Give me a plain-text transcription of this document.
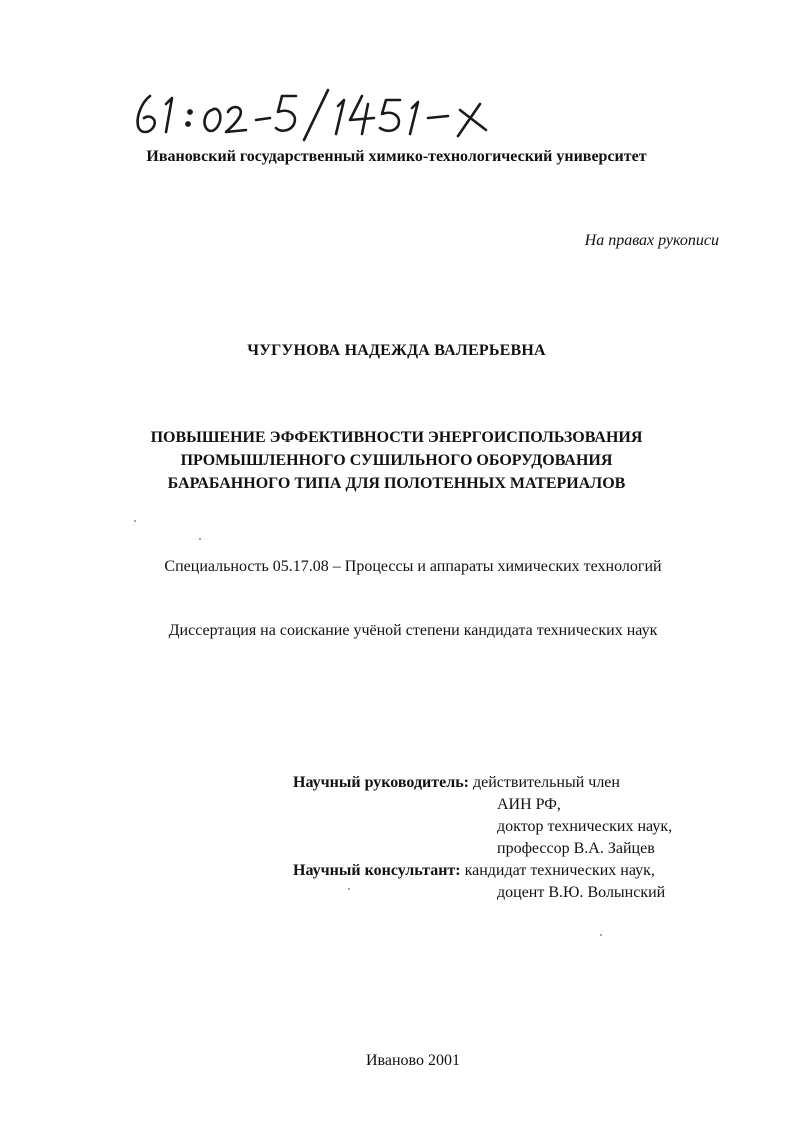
Ивановский государственный химико-технологический университет
На правах рукописи
ЧУГУНОВА НАДЕЖДА ВАЛЕРЬЕВНА
ПОВЫШЕНИЕ ЭФФЕКТИВНОСТИ ЭНЕРГОИСПОЛЬЗОВАНИЯ
ПРОМЫШЛЕННОГО СУШИЛЬНОГО ОБОРУДОВАНИЯ
БАРАБАННОГО ТИПА ДЛЯ ПОЛОТЕННЫХ МАТЕРИАЛОВ
Специальность 05.17.08 – Процессы и аппараты химических технологий
Диссертация на соискание учёной степени кандидата технических наук
Научный руководитель:
действительный член
АИН РФ,
доктор технических наук,
профессор В.А. Зайцев
Научный консультант:
кандидат технических наук,
доцент В.Ю. Волынский
Иваново 2001
